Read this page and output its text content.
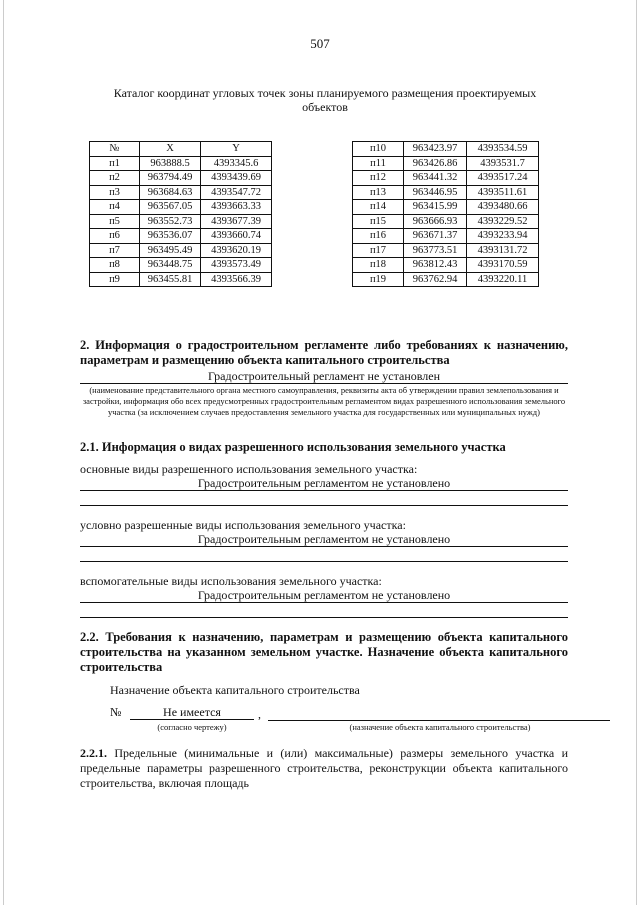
507
Каталог координат угловых точек зоны планируемого размещения проектируемых объектов
№	X	Y
п1	963888.5	4393345.6
п2	963794.49	4393439.69
п3	963684.63	4393547.72
п4	963567.05	4393663.33
п5	963552.73	4393677.39
п6	963536.07	4393660.74
п7	963495.49	4393620.19
п8	963448.75	4393573.49
п9	963455.81	4393566.39
п10	963423.97	4393534.59
п11	963426.86	4393531.7
п12	963441.32	4393517.24
п13	963446.95	4393511.61
п14	963415.99	4393480.66
п15	963666.93	4393229.52
п16	963671.37	4393233.94
п17	963773.51	4393131.72
п18	963812.43	4393170.59
п19	963762.94	4393220.11
2. Информация о градостроительном регламенте либо требованиях к назначению, параметрам и размещению объекта капитального строительства
Градостроительный регламент не установлен
(наименование представительного органа местного самоуправления, реквизиты акта об утверждении правил землепользования и застройки, информация обо всех предусмотренных градостроительным регламентом видах разрешенного использования земельного участка (за исключением случаев предоставления земельного участка для государственных или муниципальных нужд)
2.1. Информация о видах разрешенного использования земельного участка
основные виды разрешенного использования земельного участка:
Градостроительным регламентом не установлено
условно разрешенные виды использования земельного участка:
Градостроительным регламентом не установлено
вспомогательные виды использования земельного участка:
Градостроительным регламентом не установлено
2.2. Требования к назначению, параметрам и размещению объекта капитального строительства на указанном земельном участке. Назначение объекта капитального строительства
Назначение объекта капитального строительства
№	Не имеется	,
(согласно чертежу)	(назначение объекта капитального строительства)
2.2.1. Предельные (минимальные и (или) максимальные) размеры земельного участка и предельные параметры разрешенного строительства, реконструкции объекта капитального строительства, включая площадь
